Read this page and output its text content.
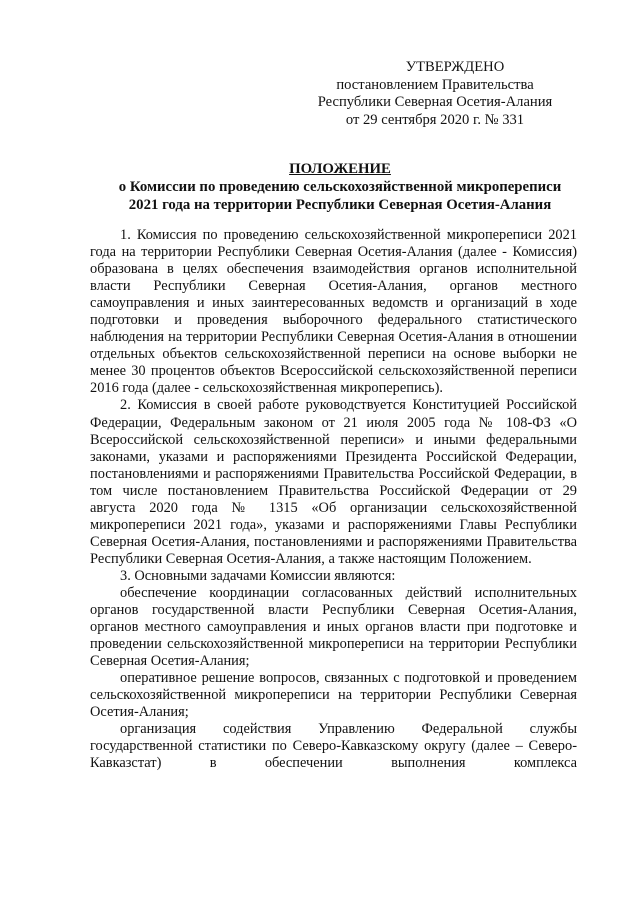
УТВЕРЖДЕНО
постановлением Правительства
Республики Северная Осетия-Алания
от 29 сентября 2020 г. № 331
ПОЛОЖЕНИЕ
о Комиссии по проведению сельскохозяйственной микропереписи
2021 года на территории Республики Северная Осетия-Алания

1. Комиссия по проведению сельскохозяйственной микропереписи 2021 года на территории Республики Северная Осетия-Алания (далее - Комиссия) образована в целях обеспечения взаимодействия органов исполнительной власти Республики Северная Осетия-Алания, органов местного самоуправления и иных заинтересованных ведомств и организаций в ходе подготовки и проведения выборочного федерального статистического наблюдения на территории Республики Северная Осетия-Алания в отношении отдельных объектов сельскохозяйственной переписи на основе выборки не менее 30 процентов объектов Всероссийской сельскохозяйственной переписи 2016 года (далее - сельскохозяйственная микроперепись).

2. Комиссия в своей работе руководствуется Конституцией Российской Федерации, Федеральным законом от 21 июля 2005 года № 108-ФЗ «О Всероссийской сельскохозяйственной переписи» и иными федеральными законами, указами и распоряжениями Президента Российской Федерации, постановлениями и распоряжениями Правительства Российской Федерации, в том числе постановлением Правительства Российской Федерации от 29 августа 2020 года № 1315 «Об организации сельскохозяйственной микропереписи 2021 года», указами и распоряжениями Главы Республики Северная Осетия-Алания, постановлениями и распоряжениями Правительства Республики Северная Осетия-Алания, а также настоящим Положением.

3. Основными задачами Комиссии являются:

обеспечение координации согласованных действий исполнительных органов государственной власти Республики Северная Осетия-Алания, органов местного самоуправления и иных органов власти при подготовке и проведении сельскохозяйственной микропереписи на территории Республики Северная Осетия-Алания;

оперативное решение вопросов, связанных с подготовкой и проведением сельскохозяйственной микропереписи на территории Республики Северная Осетия-Алания;

организация содействия Управлению Федеральной службы государственной статистики по Северо-Кавказскому округу (далее – Северо-Кавказстат) в обеспечении выполнения комплекса
